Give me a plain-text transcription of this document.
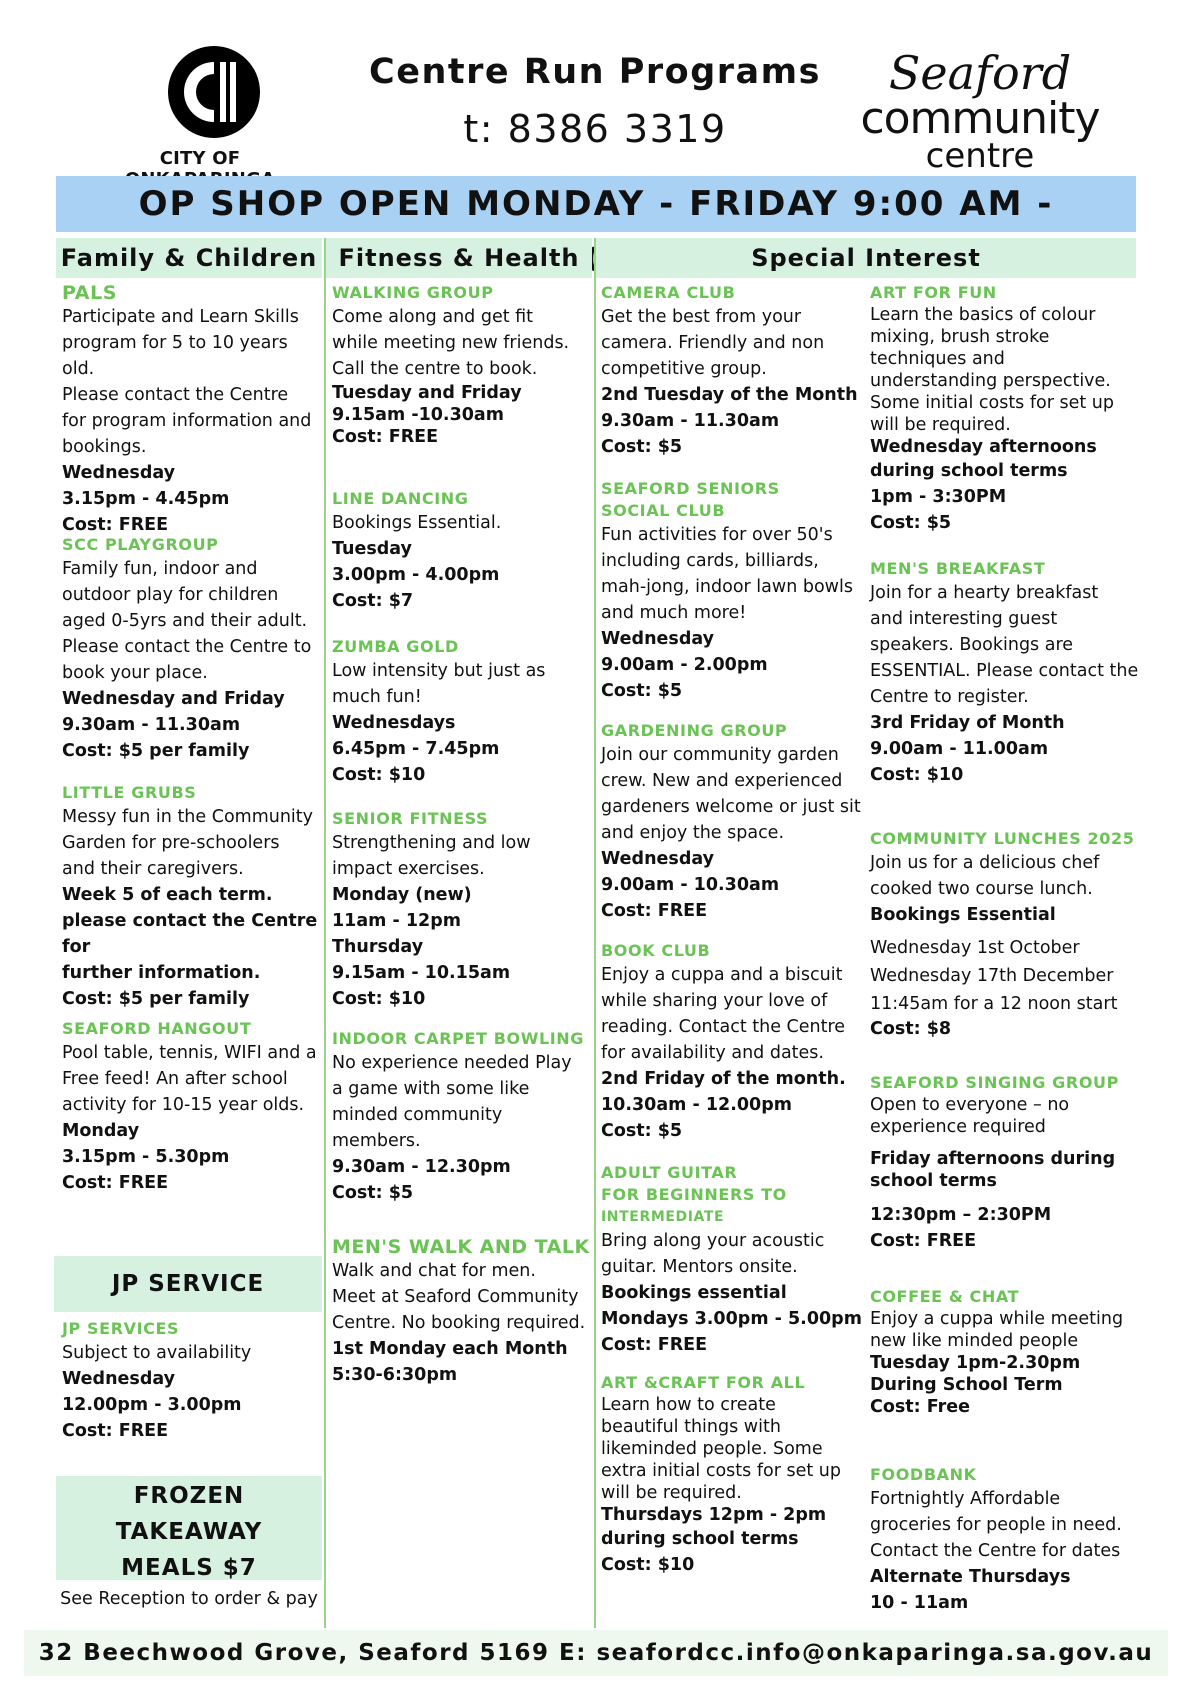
CITY OF
Centre Run Programs
t: 8386 3319
Seaford
community
centre
OP SHOP OPEN MONDAY - FRIDAY 9:00 AM -
Family & Children Fitness & Health	Special Interest
PALS
Participate and Learn Skills
program for 5 to 10 years old.
Please contact the Centre
for program information and
bookings.
Wednesday
3.15pm - 4.45pm
Cost: FREE
SCC PLAYGROUP
Family fun, indoor and
outdoor play for children
aged 0-5yrs and their adult.
Please contact the Centre to
book your place.
Wednesday and Friday
9.30am - 11.30am
Cost: $5 per family
LITTLE GRUBS
Messy fun in the Community
Garden for pre-schoolers
and their caregivers.
Week 5 of each term.
please contact the Centre for
further information.
Cost: $5 per family
SEAFORD HANGOUT
Pool table, tennis, WIFI and a
Free feed! An after school
activity for 10-15 year olds.
Monday
3.15pm - 5.30pm
Cost: FREE
JP SERVICE
JP SERVICES
Subject to availability
Wednesday
12.00pm - 3.00pm
Cost: FREE
FROZEN TAKEAWAY
MEALS $7
See Reception to order & pay
WALKING GROUP
Come along and get fit
while meeting new friends.
Call the centre to book.
Tuesday and Friday
9.15am -10.30am
Cost: FREE
LINE DANCING
Bookings Essential.
Tuesday
3.00pm - 4.00pm
Cost: $7
ZUMBA GOLD
Low intensity but just as
much fun!
Wednesdays
6.45pm - 7.45pm
Cost: $10
SENIOR FITNESS
Strengthening and low
impact exercises.
Monday (new)
11am - 12pm
Thursday
9.15am - 10.15am
Cost: $10
INDOOR CARPET BOWLING
No experience needed Play
a game with some like
minded community
members.
9.30am - 12.30pm
Cost: $5
MEN'S WALK AND TALK
Walk and chat for men.
Meet at Seaford Community
Centre. No booking required.
1st Monday each Month
5:30-6:30pm
CAMERA CLUB
Get the best from your
camera. Friendly and non
competitive group.
2nd Tuesday of the Month
9.30am - 11.30am
Cost: $5
SEAFORD SENIORS
SOCIAL CLUB
Fun activities for over 50's
including cards, billiards,
mah-jong, indoor lawn bowls
and much more!
Wednesday
9.00am - 2.00pm
Cost: $5
GARDENING GROUP
Join our community garden
crew. New and experienced
gardeners welcome or just sit
and enjoy the space.
Wednesday
9.00am - 10.30am
Cost: FREE
BOOK CLUB
Enjoy a cuppa and a biscuit
while sharing your love of
reading. Contact the Centre
for availability and dates.
2nd Friday of the month.
10.30am - 12.00pm
Cost: $5
ADULT GUITAR
FOR BEGINNERS TO
INTERMEDIATE
Bring along your acoustic
guitar. Mentors onsite.
Bookings essential
Mondays 3.00pm - 5.00pm
Cost: FREE
ART &CRAFT FOR ALL
Learn how to create
beautiful things with
likeminded people. Some
extra initial costs for set up
will be required.
Thursdays 12pm - 2pm
during school terms
Cost: $10
ART FOR FUN
Learn the basics of colour
mixing, brush stroke
techniques and
understanding perspective.
Some initial costs for set up
will be required.
Wednesday afternoons
during school terms
1pm - 3:30PM
Cost: $5
MEN'S BREAKFAST
Join for a hearty breakfast
and interesting guest
speakers. Bookings are
ESSENTIAL. Please contact the
Centre to register.
3rd Friday of Month
9.00am - 11.00am
Cost: $10
COMMUNITY LUNCHES 2025
Join us for a delicious chef
cooked two course lunch.
Bookings Essential
Wednesday 1st October
Wednesday 17th December
11:45am for a 12 noon start
Cost: $8
SEAFORD SINGING GROUP
Open to everyone – no
experience required
Friday afternoons during
school terms
12:30pm – 2:30PM
Cost: FREE
COFFEE & CHAT
Enjoy a cuppa while meeting
new like minded people
Tuesday 1pm-2.30pm
During School Term
Cost: Free
FOODBANK
Fortnightly Affordable
groceries for people in need.
Contact the Centre for dates
Alternate Thursdays
10 - 11am
32 Beechwood Grove, Seaford 5169 E: seafordcc.info@onkaparinga.sa.gov.au
